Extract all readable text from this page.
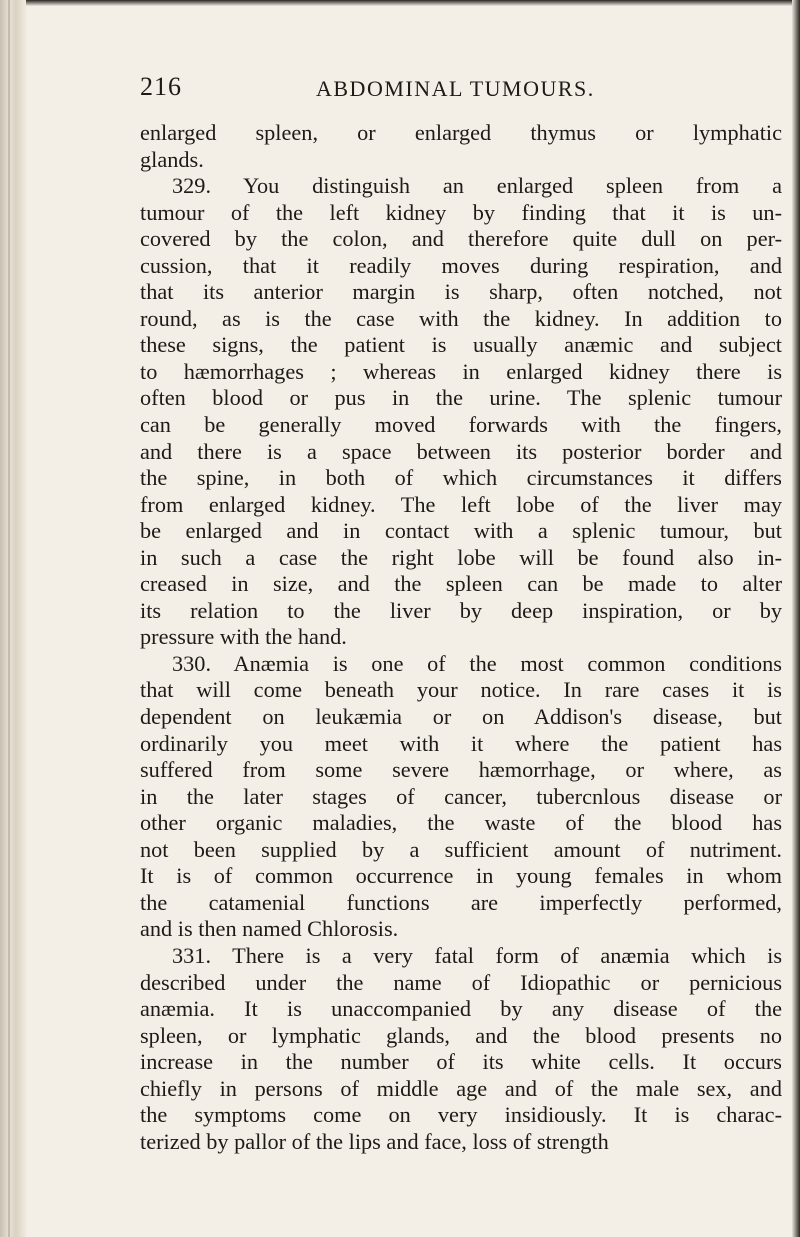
216	ABDOMINAL TUMOURS.
enlarged spleen, or enlarged thymus or lymphatic
glands.
329. You distinguish an enlarged spleen from a
tumour of the left kidney by finding that it is un-
covered by the colon, and therefore quite dull on per-
cussion, that it readily moves during respiration, and
that its anterior margin is sharp, often notched, not
round, as is the case with the kidney. In addition to
these signs, the patient is usually anæmic and subject
to hæmorrhages ; whereas in enlarged kidney there is
often blood or pus in the urine. The splenic tumour
can be generally moved forwards with the fingers,
and there is a space between its posterior border and
the spine, in both of which circumstances it differs
from enlarged kidney. The left lobe of the liver may
be enlarged and in contact with a splenic tumour, but
in such a case the right lobe will be found also in-
creased in size, and the spleen can be made to alter
its relation to the liver by deep inspiration, or by
pressure with the hand.
330. Anæmia is one of the most common conditions
that will come beneath your notice. In rare cases it is
dependent on leukæmia or on Addison's disease, but
ordinarily you meet with it where the patient has
suffered from some severe hæmorrhage, or where, as
in the later stages of cancer, tubercnlous disease or
other organic maladies, the waste of the blood has
not been supplied by a sufficient amount of nutriment.
It is of common occurrence in young females in whom
the catamenial functions are imperfectly performed,
and is then named Chlorosis.
331. There is a very fatal form of anæmia which is
described under the name of Idiopathic or pernicious
anæmia. It is unaccompanied by any disease of the
spleen, or lymphatic glands, and the blood presents no
increase in the number of its white cells. It occurs
chiefly in persons of middle age and of the male sex, and
the symptoms come on very insidiously. It is charac-
terized by pallor of the lips and face, loss of strength
